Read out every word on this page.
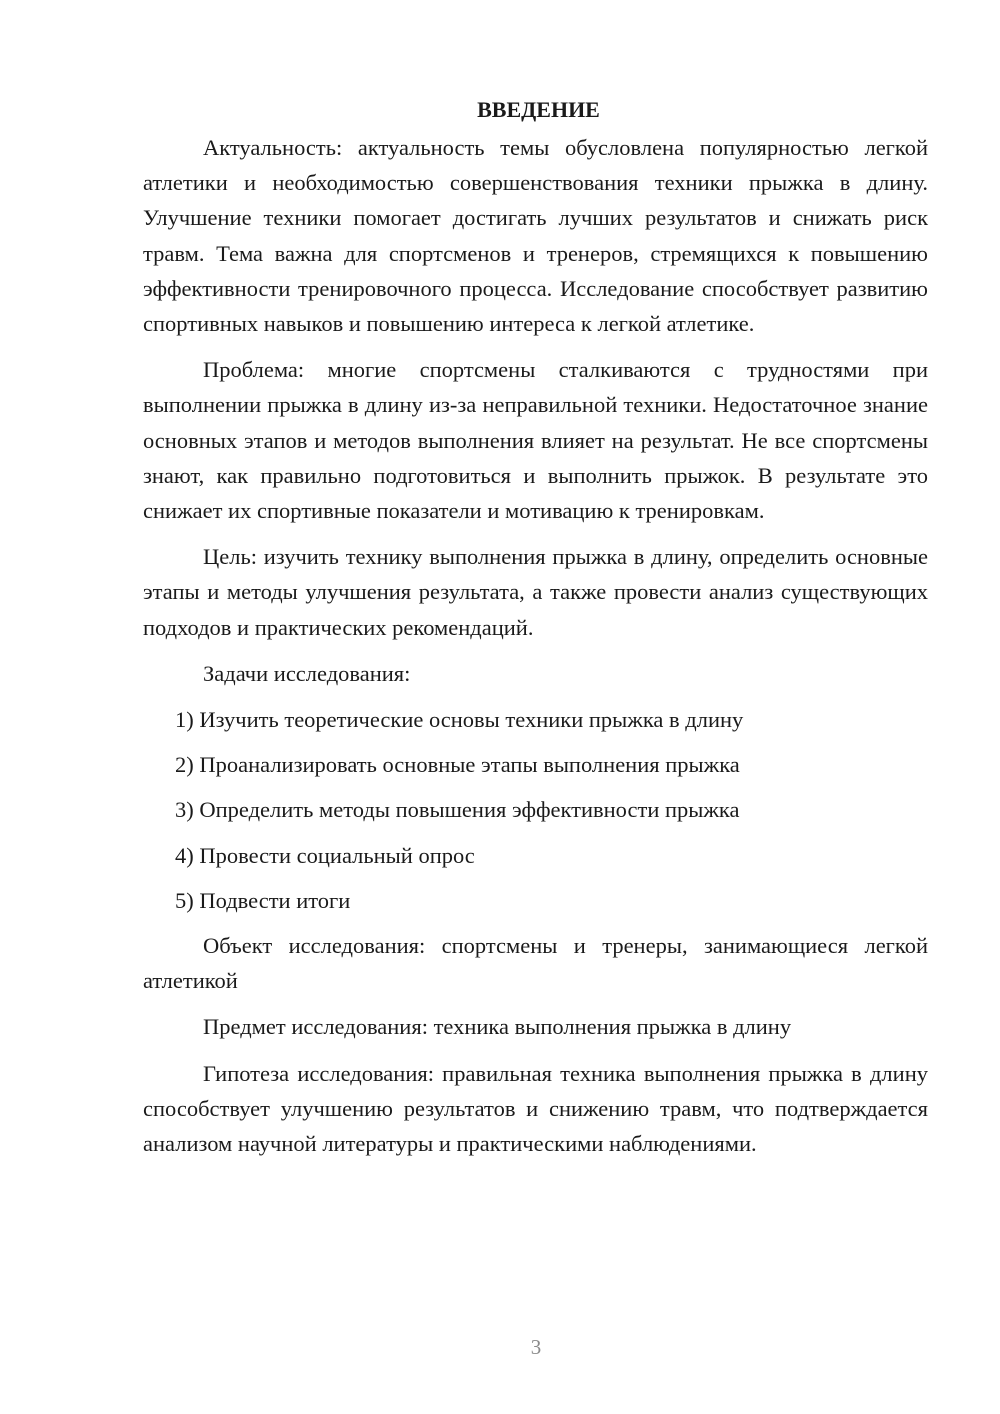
ВВЕДЕНИЕ

Актуальность: актуальность темы обусловлена популярностью легкой атлетики и необходимостью совершенствования техники прыжка в длину. Улучшение техники помогает достигать лучших результатов и снижать риск травм. Тема важна для спортсменов и тренеров, стремящихся к повышению эффективности тренировочного процесса. Исследование способствует развитию спортивных навыков и повышению интереса к легкой атлетике.

Проблема: многие спортсмены сталкиваются с трудностями при выполнении прыжка в длину из-за неправильной техники. Недостаточное знание основных этапов и методов выполнения влияет на результат. Не все спортсмены знают, как правильно подготовиться и выполнить прыжок. В результате это снижает их спортивные показатели и мотивацию к тренировкам.

Цель: изучить технику выполнения прыжка в длину, определить основные этапы и методы улучшения результата, а также провести анализ существующих подходов и практических рекомендаций.

Задачи исследования:

1) Изучить теоретические основы техники прыжка в длину
2) Проанализировать основные этапы выполнения прыжка
3) Определить методы повышения эффективности прыжка
4) Провести социальный опрос
5) Подвести итоги

Объект исследования: спортсмены и тренеры, занимающиеся легкой атлетикой

Предмет исследования: техника выполнения прыжка в длину

Гипотеза исследования: правильная техника выполнения прыжка в длину способствует улучшению результатов и снижению травм, что подтверждается анализом научной литературы и практическими наблюдениями.

3
